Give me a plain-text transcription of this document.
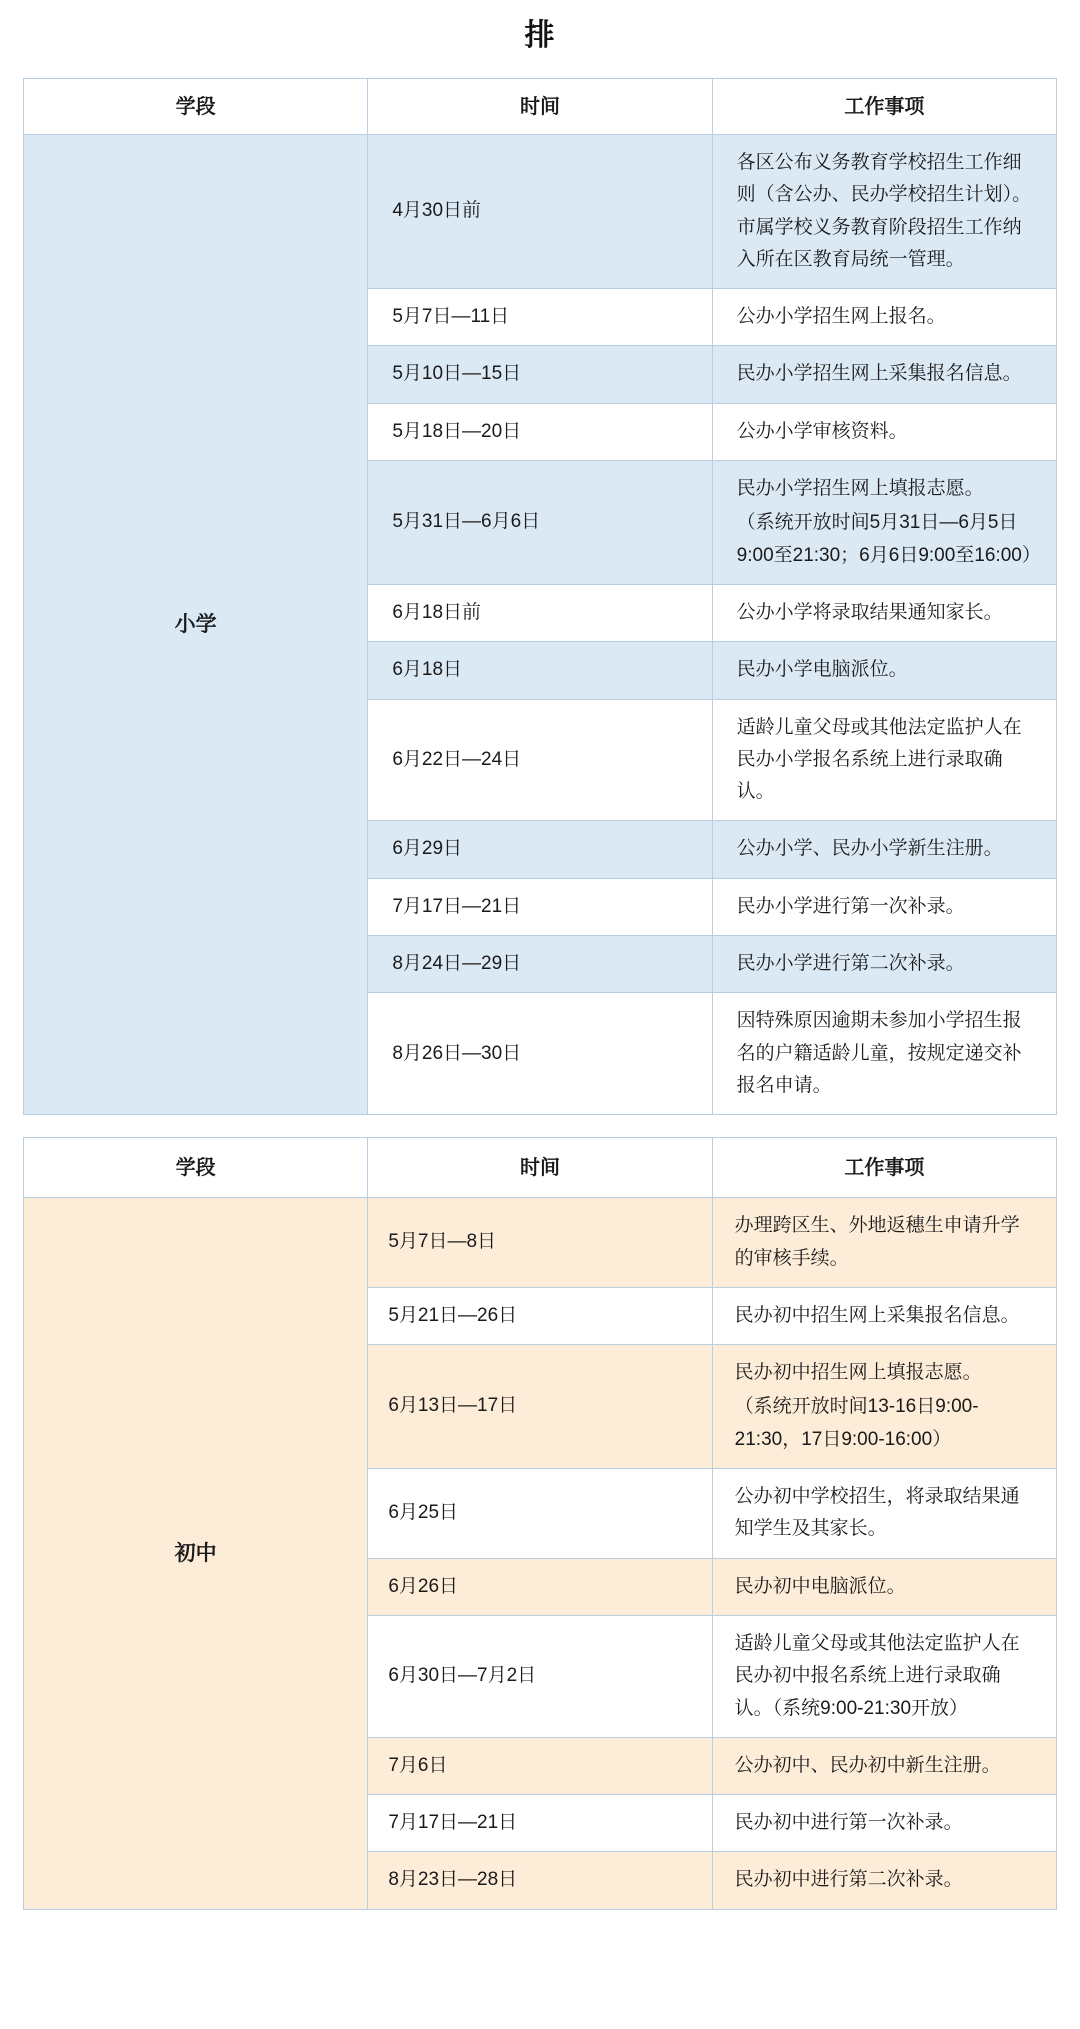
排
学段	时间	工作事项
小学	4月30日前	各区公布义务教育学校招生工作细则（含公办、民办学校招生计划）。市属学校义务教育阶段招生工作纳入所在区教育局统一管理。
	5月7日—11日	公办小学招生网上报名。
	5月10日—15日	民办小学招生网上采集报名信息。
	5月18日—20日	公办小学审核资料。
	5月31日—6月6日	民办小学招生网上填报志愿。
（系统开放时间5月31日—6月5日9:00至21:30；6月6日9:00至16:00）

	6月18日前	公办小学将录取结果通知家长。
	6月18日	民办小学电脑派位。
	6月22日—24日	适龄儿童父母或其他法定监护人在民办小学报名系统上进行录取确认。
	6月29日	公办小学、民办小学新生注册。
	7月17日—21日	民办小学进行第一次补录。
	8月24日—29日	民办小学进行第二次补录。
	8月26日—30日	因特殊原因逾期未参加小学招生报名的户籍适龄儿童，按规定递交补报名申请。
学段	时间	工作事项
初中	5月7日—8日	办理跨区生、外地返穗生申请升学的审核手续。
	5月21日—26日	民办初中招生网上采集报名信息。
	6月13日—17日	民办初中招生网上填报志愿。
（系统开放时间13-16日9:00-21:30，17日9:00-16:00）

	6月25日	公办初中学校招生，将录取结果通知学生及其家长。
	6月26日	民办初中电脑派位。
	6月30日—7月2日	适龄儿童父母或其他法定监护人在民办初中报名系统上进行录取确认。（系统9:00-21:30开放）
	7月6日	公办初中、民办初中新生注册。
	7月17日—21日	民办初中进行第一次补录。
	8月23日—28日	民办初中进行第二次补录。
